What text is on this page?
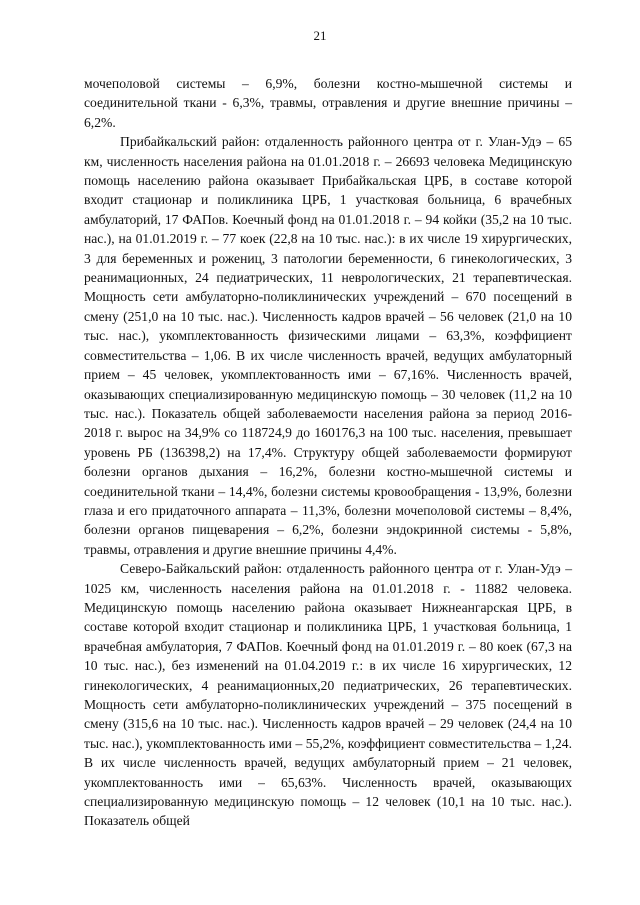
21

мочеполовой системы – 6,9%, болезни костно-мышечной системы и соединительной ткани - 6,3%, травмы, отравления и другие внешние причины – 6,2%.

Прибайкальский район: отдаленность районного центра от г. Улан-Удэ – 65 км, численность населения района на 01.01.2018 г. – 26693 человека Медицинскую помощь населению района оказывает Прибайкальская ЦРБ, в составе которой входит стационар и поликлиника ЦРБ, 1 участковая больница, 6 врачебных амбулаторий, 17 ФАПов. Коечный фонд на 01.01.2018 г. – 94 койки (35,2 на 10 тыс. нас.), на 01.01.2019 г. – 77 коек (22,8 на 10 тыс. нас.): в их числе 19 хирургических, 3 для беременных и рожениц, 3 патологии беременности, 6 гинекологических, 3 реанимационных, 24 педиатрических, 11 неврологических, 21 терапевтическая. Мощность сети амбулаторно-поликлинических учреждений – 670 посещений в смену (251,0 на 10 тыс. нас.). Численность кадров врачей – 56 человек (21,0 на 10 тыс. нас.), укомплектованность физическими лицами – 63,3%, коэффициент совместительства – 1,06. В их числе численность врачей, ведущих амбулаторный прием – 45 человек, укомплектованность ими – 67,16%. Численность врачей, оказывающих специализированную медицинскую помощь – 30 человек (11,2 на 10 тыс. нас.). Показатель общей заболеваемости населения района за период 2016-2018 г. вырос на 34,9% со 118724,9 до 160176,3 на 100 тыс. населения, превышает уровень РБ (136398,2) на 17,4%. Структуру общей заболеваемости формируют болезни органов дыхания – 16,2%, болезни костно-мышечной системы и соединительной ткани – 14,4%, болезни системы кровообращения - 13,9%, болезни глаза и его придаточного аппарата – 11,3%, болезни мочеполовой системы – 8,4%, болезни органов пищеварения – 6,2%, болезни эндокринной системы - 5,8%, травмы, отравления и другие внешние причины 4,4%.

Северо-Байкальский район: отдаленность районного центра от г. Улан-Удэ – 1025 км, численность населения района на 01.01.2018 г. - 11882 человека. Медицинскую помощь населению района оказывает Нижнеангарская ЦРБ, в составе которой входит стационар и поликлиника ЦРБ, 1 участковая больница, 1 врачебная амбулатория, 7 ФАПов. Коечный фонд на 01.01.2019 г. – 80 коек (67,3 на 10 тыс. нас.), без изменений на 01.04.2019 г.: в их числе 16 хирургических, 12 гинекологических, 4 реанимационных,20 педиатрических, 26 терапевтических. Мощность сети амбулаторно-поликлинических учреждений – 375 посещений в смену (315,6 на 10 тыс. нас.). Численность кадров врачей – 29 человек (24,4 на 10 тыс. нас.), укомплектованность ими – 55,2%, коэффициент совместительства – 1,24. В их числе численность врачей, ведущих амбулаторный прием – 21 человек, укомплектованность ими – 65,63%. Численность врачей, оказывающих специализированную медицинскую помощь – 12 человек (10,1 на 10 тыс. нас.). Показатель общей
